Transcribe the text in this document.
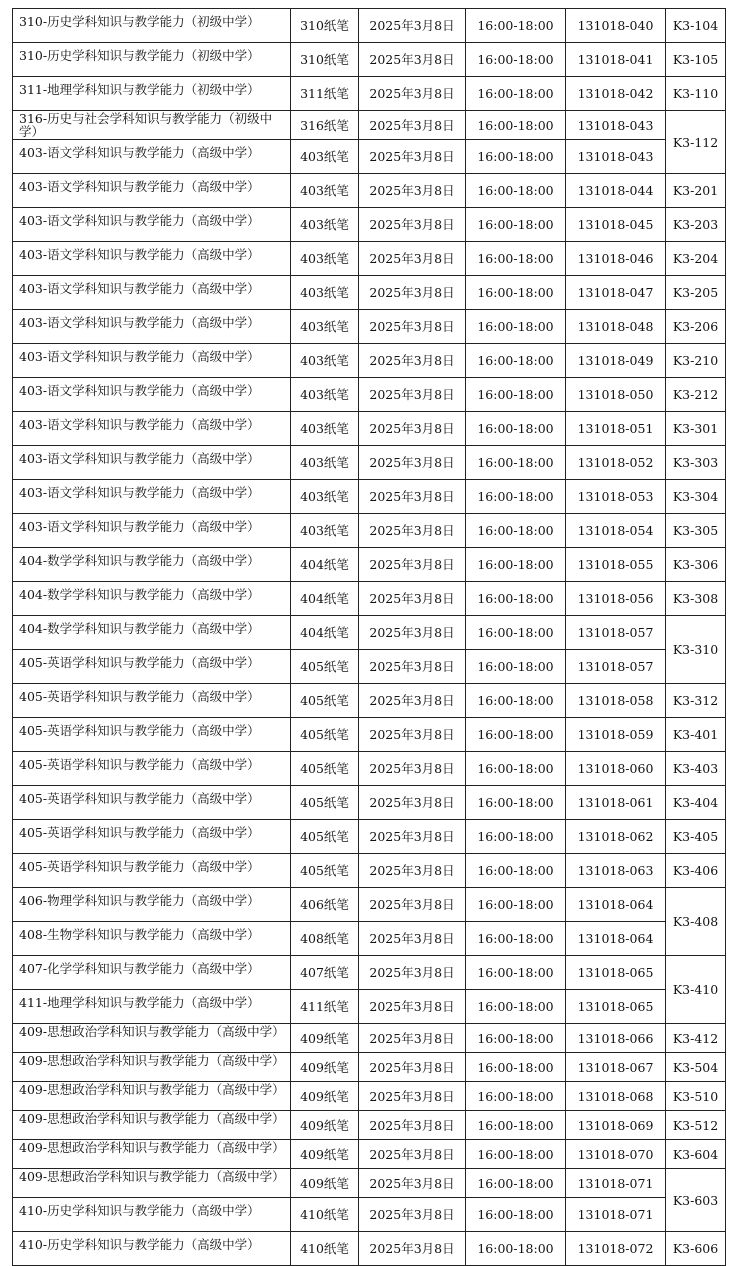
310-历史学科知识与教学能力（初级中学）	310纸笔	2025年3月8日	16:00-18:00	131018-040	K3-104
310-历史学科知识与教学能力（初级中学）	310纸笔	2025年3月8日	16:00-18:00	131018-041	K3-105
311-地理学科知识与教学能力（初级中学）	311纸笔	2025年3月8日	16:00-18:00	131018-042	K3-110
316-历史与社会学科知识与教学能力（初级中学）	316纸笔	2025年3月8日	16:00-18:00	131018-043	K3-112
403-语文学科知识与教学能力（高级中学）	403纸笔	2025年3月8日	16:00-18:00	131018-043	
403-语文学科知识与教学能力（高级中学）	403纸笔	2025年3月8日	16:00-18:00	131018-044	K3-201
403-语文学科知识与教学能力（高级中学）	403纸笔	2025年3月8日	16:00-18:00	131018-045	K3-203
403-语文学科知识与教学能力（高级中学）	403纸笔	2025年3月8日	16:00-18:00	131018-046	K3-204
403-语文学科知识与教学能力（高级中学）	403纸笔	2025年3月8日	16:00-18:00	131018-047	K3-205
403-语文学科知识与教学能力（高级中学）	403纸笔	2025年3月8日	16:00-18:00	131018-048	K3-206
403-语文学科知识与教学能力（高级中学）	403纸笔	2025年3月8日	16:00-18:00	131018-049	K3-210
403-语文学科知识与教学能力（高级中学）	403纸笔	2025年3月8日	16:00-18:00	131018-050	K3-212
403-语文学科知识与教学能力（高级中学）	403纸笔	2025年3月8日	16:00-18:00	131018-051	K3-301
403-语文学科知识与教学能力（高级中学）	403纸笔	2025年3月8日	16:00-18:00	131018-052	K3-303
403-语文学科知识与教学能力（高级中学）	403纸笔	2025年3月8日	16:00-18:00	131018-053	K3-304
403-语文学科知识与教学能力（高级中学）	403纸笔	2025年3月8日	16:00-18:00	131018-054	K3-305
404-数学学科知识与教学能力（高级中学）	404纸笔	2025年3月8日	16:00-18:00	131018-055	K3-306
404-数学学科知识与教学能力（高级中学）	404纸笔	2025年3月8日	16:00-18:00	131018-056	K3-308
404-数学学科知识与教学能力（高级中学）	404纸笔	2025年3月8日	16:00-18:00	131018-057	K3-310
405-英语学科知识与教学能力（高级中学）	405纸笔	2025年3月8日	16:00-18:00	131018-057	
405-英语学科知识与教学能力（高级中学）	405纸笔	2025年3月8日	16:00-18:00	131018-058	K3-312
405-英语学科知识与教学能力（高级中学）	405纸笔	2025年3月8日	16:00-18:00	131018-059	K3-401
405-英语学科知识与教学能力（高级中学）	405纸笔	2025年3月8日	16:00-18:00	131018-060	K3-403
405-英语学科知识与教学能力（高级中学）	405纸笔	2025年3月8日	16:00-18:00	131018-061	K3-404
405-英语学科知识与教学能力（高级中学）	405纸笔	2025年3月8日	16:00-18:00	131018-062	K3-405
405-英语学科知识与教学能力（高级中学）	405纸笔	2025年3月8日	16:00-18:00	131018-063	K3-406
406-物理学科知识与教学能力（高级中学）	406纸笔	2025年3月8日	16:00-18:00	131018-064	K3-408
408-生物学科知识与教学能力（高级中学）	408纸笔	2025年3月8日	16:00-18:00	131018-064	
407-化学学科知识与教学能力（高级中学）	407纸笔	2025年3月8日	16:00-18:00	131018-065	K3-410
411-地理学科知识与教学能力（高级中学）	411纸笔	2025年3月8日	16:00-18:00	131018-065	
409-思想政治学科知识与教学能力（高级中学）	409纸笔	2025年3月8日	16:00-18:00	131018-066	K3-412
409-思想政治学科知识与教学能力（高级中学）	409纸笔	2025年3月8日	16:00-18:00	131018-067	K3-504
409-思想政治学科知识与教学能力（高级中学）	409纸笔	2025年3月8日	16:00-18:00	131018-068	K3-510
409-思想政治学科知识与教学能力（高级中学）	409纸笔	2025年3月8日	16:00-18:00	131018-069	K3-512
409-思想政治学科知识与教学能力（高级中学）	409纸笔	2025年3月8日	16:00-18:00	131018-070	K3-604
409-思想政治学科知识与教学能力（高级中学）	409纸笔	2025年3月8日	16:00-18:00	131018-071	K3-603
410-历史学科知识与教学能力（高级中学）	410纸笔	2025年3月8日	16:00-18:00	131018-071	
410-历史学科知识与教学能力（高级中学）	410纸笔	2025年3月8日	16:00-18:00	131018-072	K3-606
